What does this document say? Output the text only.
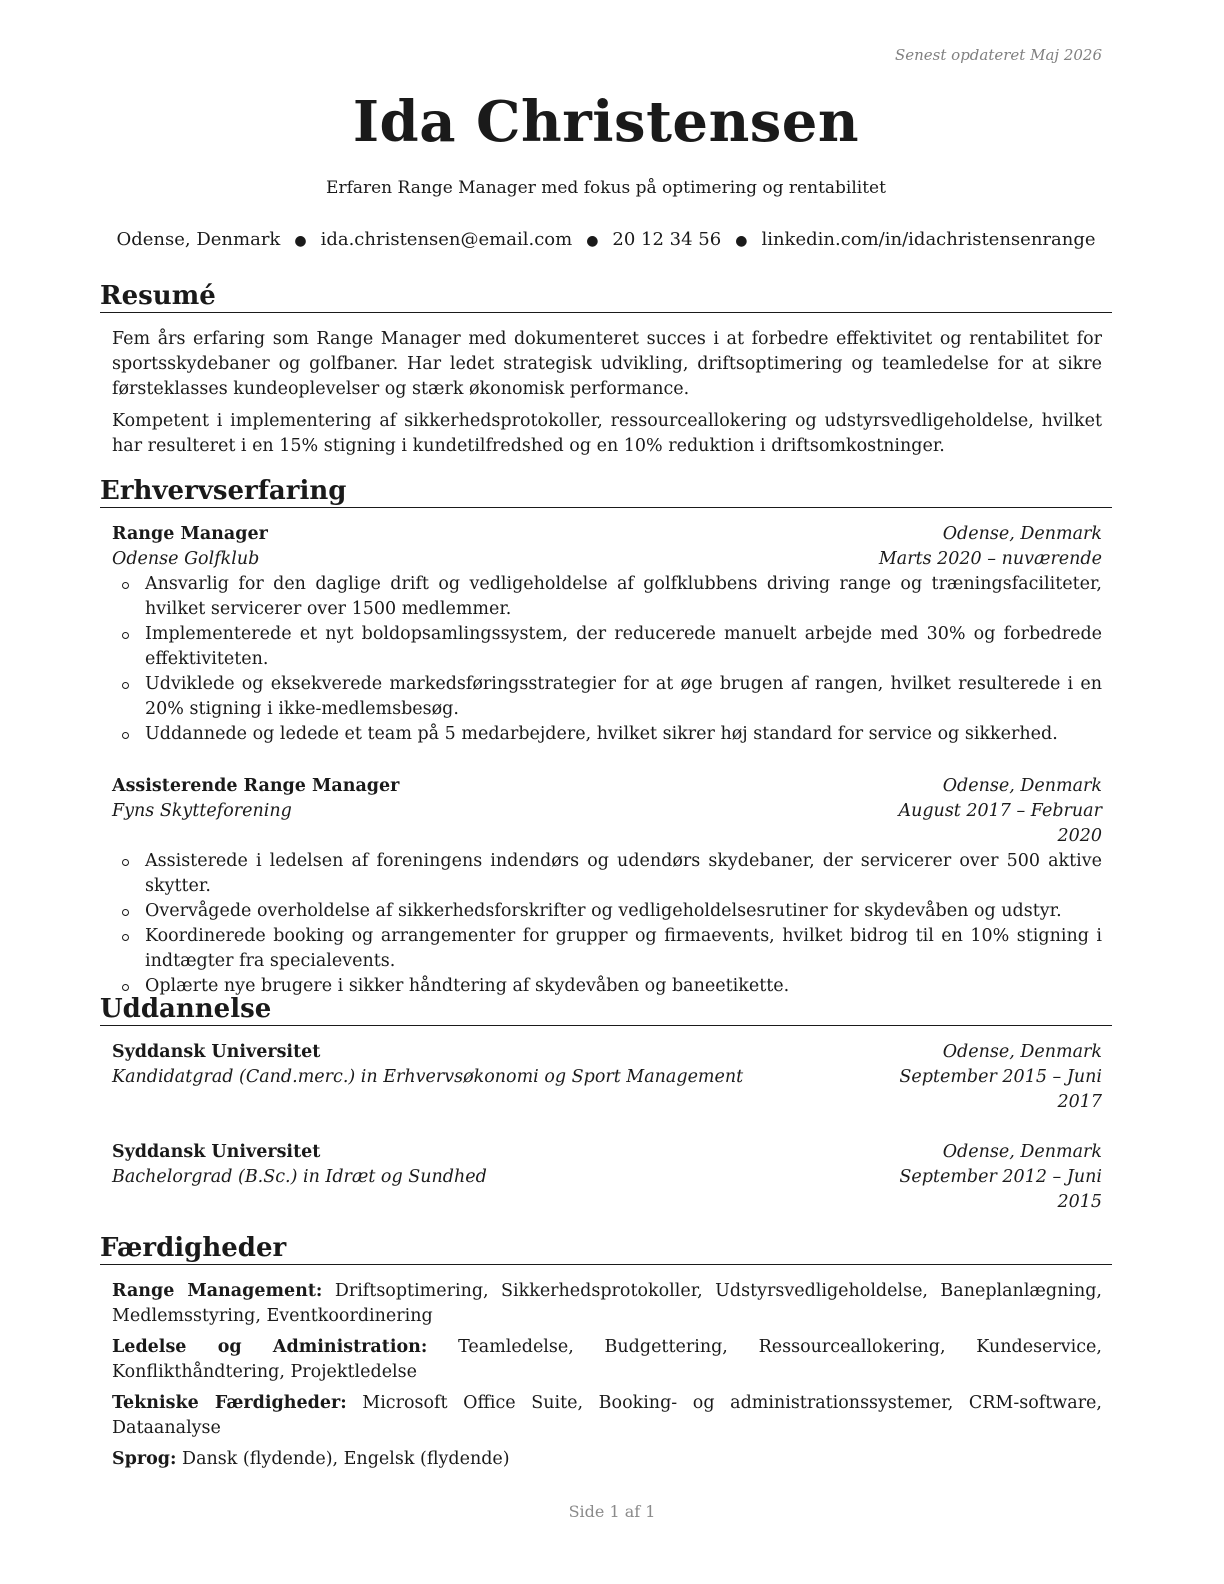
Senest opdateret Maj 2026
Ida Christensen
Erfaren Range Manager med fokus på optimering og rentabilitet
Odense, Denmark ● ida.christensen@email.com ● 20 12 34 56 ● linkedin.com/in/idachristensenrange
Resumé
Fem års erfaring som Range Manager med dokumenteret succes i at forbedre effektivitet og rentabilitet for sportsskydebaner og golfbaner. Har ledet strategisk udvikling, driftsoptimering og teamledelse for at sikre førsteklasses kundeoplevelser og stærk økonomisk performance.
Kompetent i implementering af sikkerhedsprotokoller, ressourceallokering og udstyrsvedligeholdelse, hvilket har resulteret i en 15% stigning i kundetilfredshed og en 10% reduktion i driftsomkostninger.
Erhvervserfaring
Range Manager	Odense, Denmark
Odense Golfklub	Marts 2020 – nuværende
Ansvarlig for den daglige drift og vedligeholdelse af golfklubbens driving range og træningsfaciliteter, hvilket servicerer over 1500 medlemmer.
Implementerede et nyt boldopsamlingssystem, der reducerede manuelt arbejde med 30% og forbedrede effektiviteten.
Udviklede og eksekverede markedsføringsstrategier for at øge brugen af rangen, hvilket resulterede i en 20% stigning i ikke-medlemsbesøg.
Uddannede og ledede et team på 5 medarbejdere, hvilket sikrer høj standard for service og sikkerhed.
Assisterende Range Manager	Odense, Denmark
Fyns Skytteforening	August 2017 – Februar 2020
Assisterede i ledelsen af foreningens indendørs og udendørs skydebaner, der servicerer over 500 aktive skytter.
Overvågede overholdelse af sikkerhedsforskrifter og vedligeholdelsesrutiner for skydevåben og udstyr.
Koordinerede booking og arrangementer for grupper og firmaevents, hvilket bidrog til en 10% stigning i indtægter fra specialevents.
Oplærte nye brugere i sikker håndtering af skydevåben og baneetikette.
Uddannelse
Syddansk Universitet	Odense, Denmark
Kandidatgrad (Cand.merc.) in Erhvervsøkonomi og Sport Management	September 2015 – Juni 2017
Syddansk Universitet	Odense, Denmark
Bachelorgrad (B.Sc.) in Idræt og Sundhed	September 2012 – Juni 2015
Færdigheder
Range Management: Driftsoptimering, Sikkerhedsprotokoller, Udstyrsvedligeholdelse, Baneplanlægning, Medlemsstyring, Eventkoordinering
Ledelse og Administration: Teamledelse, Budgettering, Ressourceallokering, Kundeservice, Konflikthåndtering, Projektledelse
Tekniske Færdigheder: Microsoft Office Suite, Booking- og administrationssystemer, CRM-software, Dataanalyse
Sprog: Dansk (flydende), Engelsk (flydende)
Side 1 af 1
